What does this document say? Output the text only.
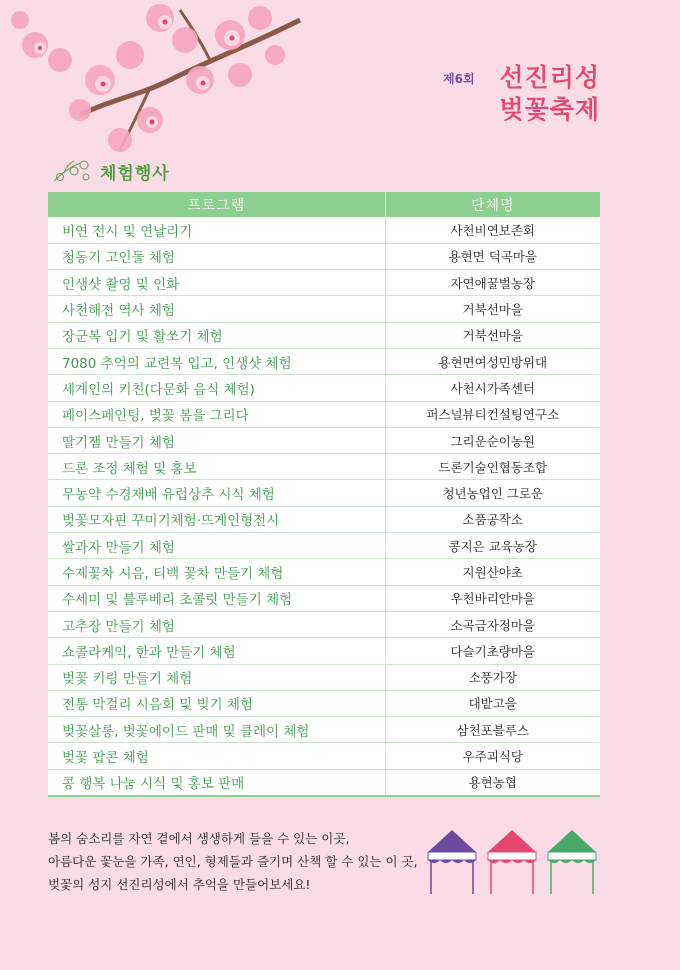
제6회 선진리성
벚꽃축제
체험행사
프로그램	단체명
비연 전시 및 연날리기	사천비연보존회
청동기 고인돌 체험	용현면 덕곡마을
인생샷 촬영 및 인화	자연애꿀벌농장
사천해전 역사 체험	거북선마을
장군복 입기 및 활쏘기 체험	거북선마을
7080 추억의 교련복 입고, 인생샷 체험	용현면여성민방위대
세계인의 키친(다문화 음식 체험)	사천시가족센터
페이스페인팅, 벚꽃 봄을 그리다	퍼스널뷰티컨설팅연구소
딸기잼 만들기 체험	그리운순이농원
드론 조정 체험 및 홍보	드론기술인협동조합
무농약 수경재배 유럽상추 시식 체험	청년농업인 그로운
벚꽃모자핀 꾸미기체험·뜨게인형전시	소품공작소
쌀과자 만들기 체험	콩지은 교육농장
수제꽃차 시음, 티백 꽃차 만들기 체험	지원산야초
수세미 및 블루베리 초콜릿 만들기 체험	우천바리안마을
고추장 만들기 체험	소곡금자정마을
쇼콜라케익, 한과 만들기 체험	다슬기초량마을
벚꽃 키링 만들기 체험	소풍가장
전통 막걸리 시음회 및 빚기 체험	대밭고을
벚꽃살롱, 벚꽃에이드 판매 및 클레이 체험	삼천포블루스
벚꽃 팝콘 체험	우주괴식당
콩 행복 나눔 시식 및 홍보 판매	용현농협
봄의 숨소리를 자연 곁에서 생생하게 들을 수 있는 이곳,
아름다운 꽃눈을 가족, 연인, 형제들과 즐기며 산책 할 수 있는 이 곳,
벚꽃의 성지 선진리성에서 추억을 만들어보세요!
